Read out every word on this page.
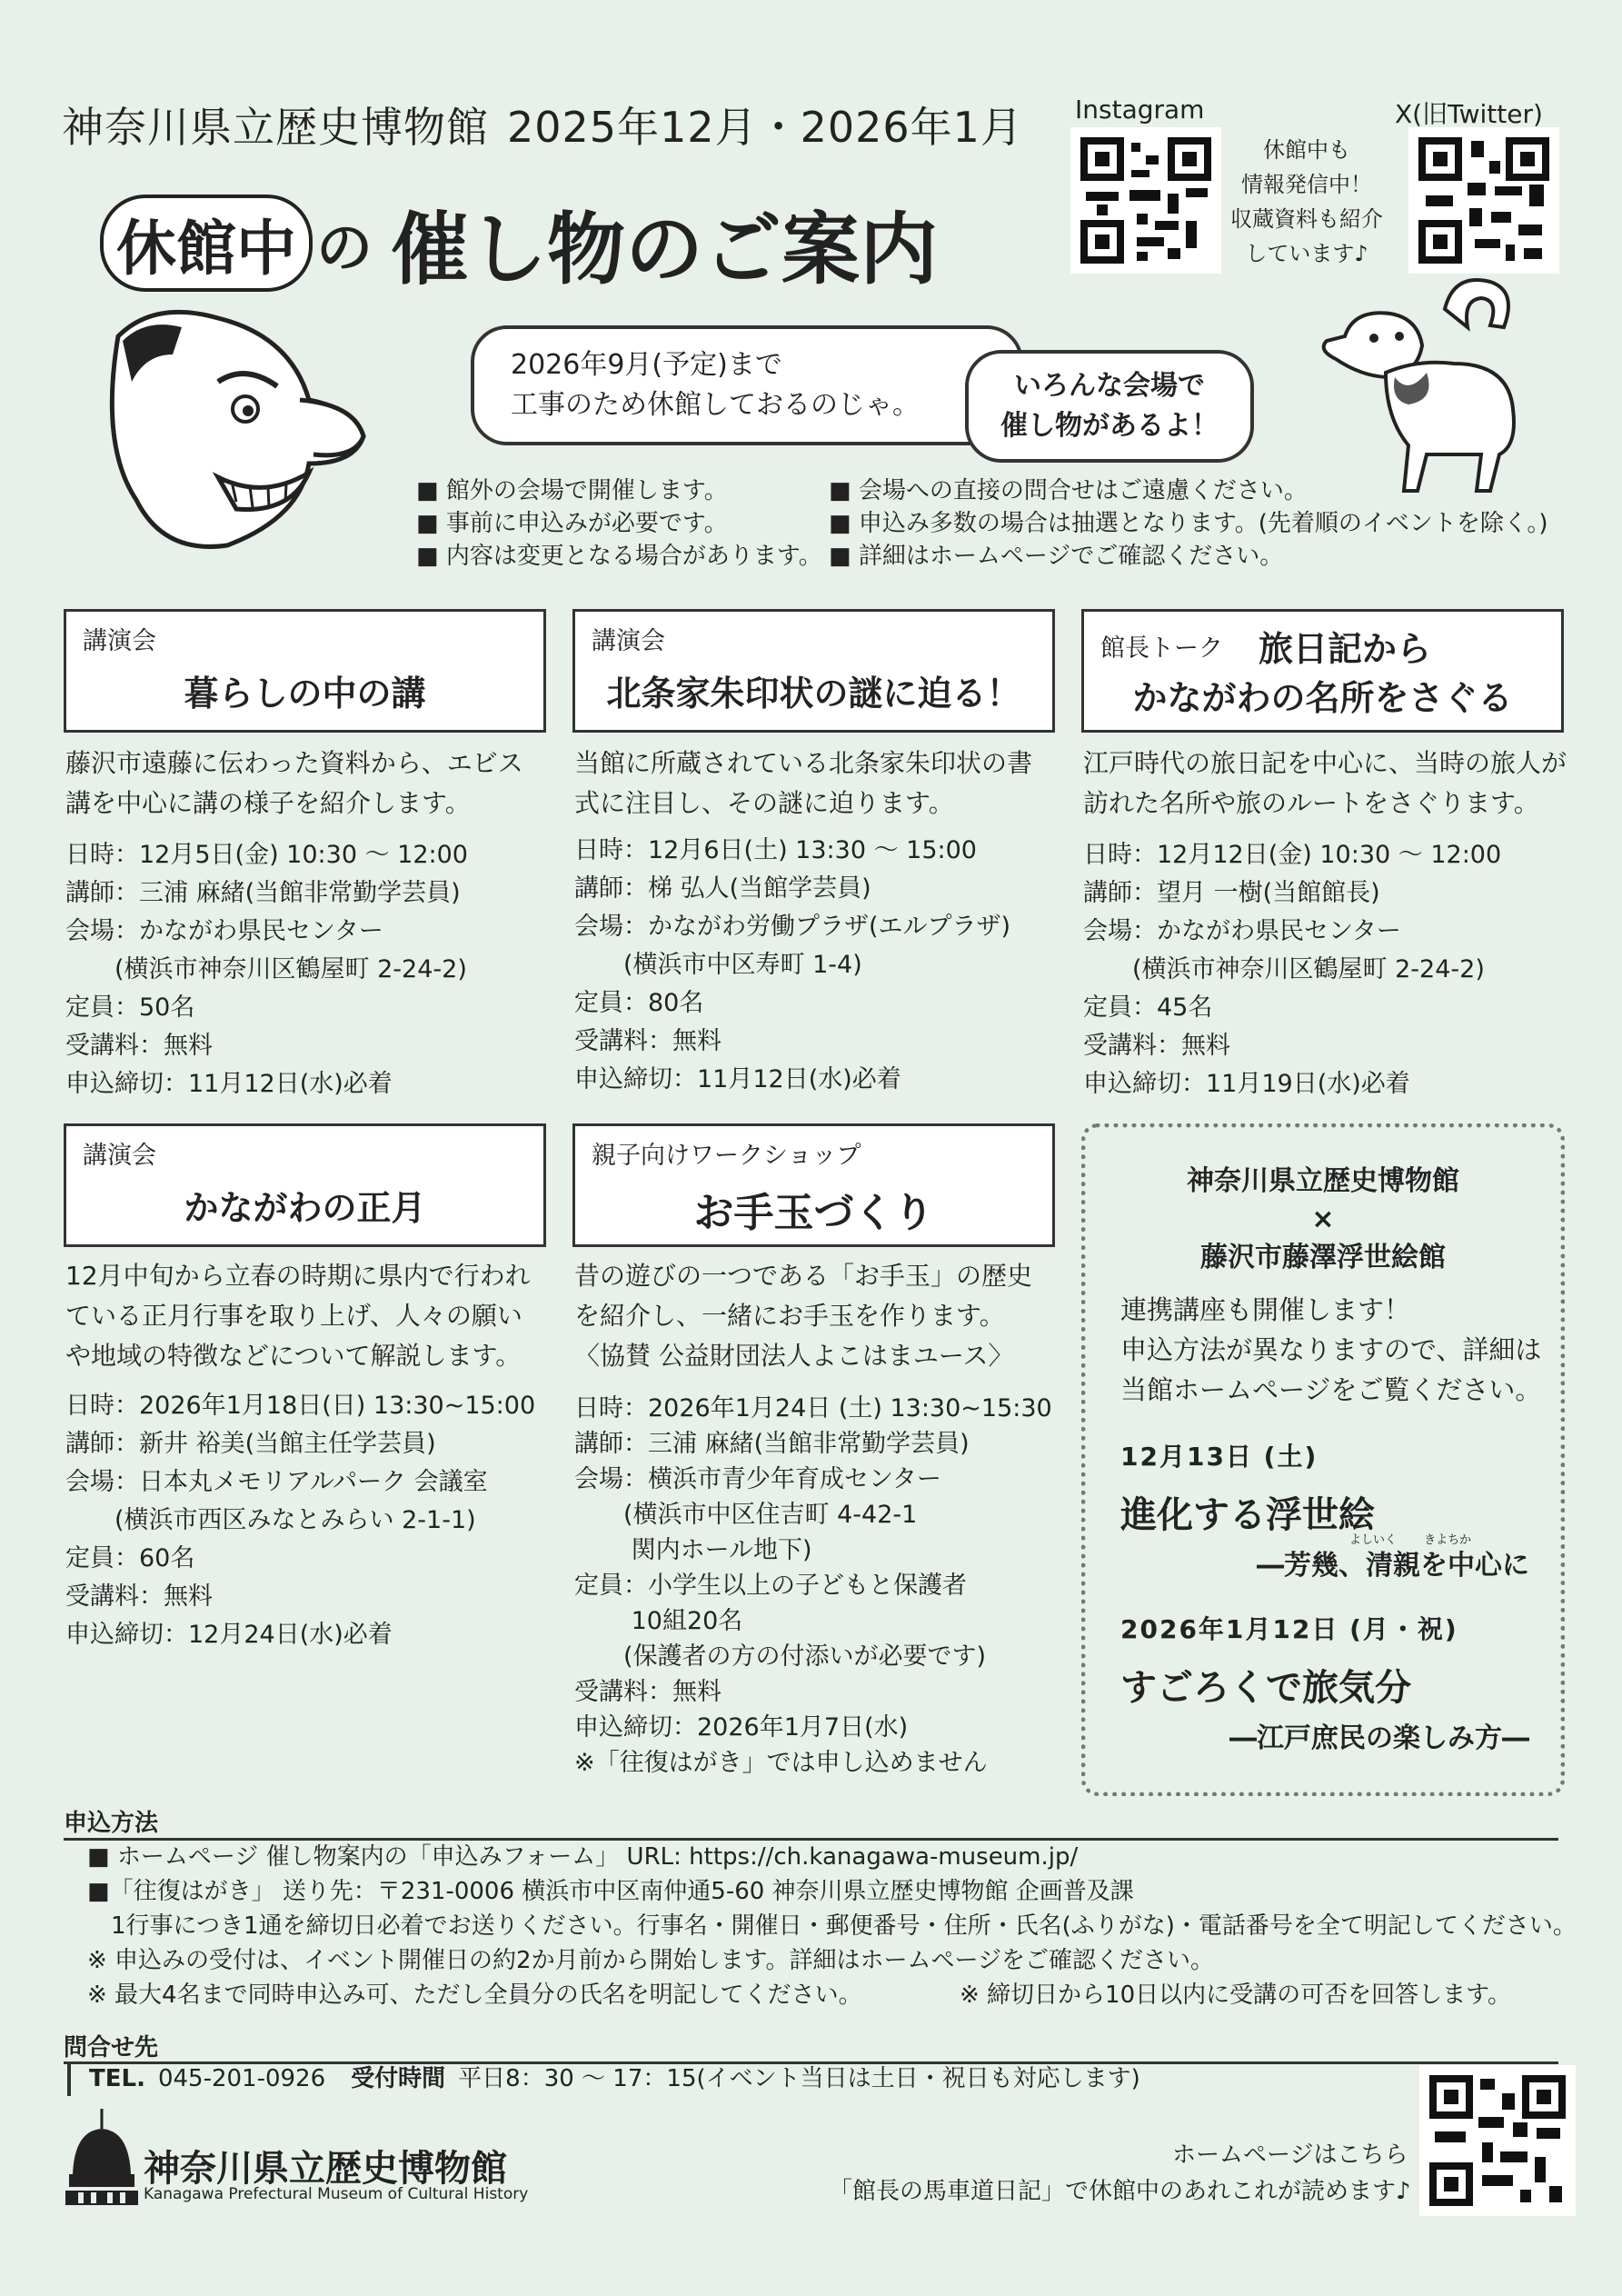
神奈川県立歴史博物館 2025年12月・2026年1月
休館中 の 催し物のご案内
Instagram	X(旧Twitter)
休館中も
情報発信中！
収蔵資料も紹介
しています♪
2026年9月(予定)まで
工事のため休館しておるのじゃ。
いろんな会場で
催し物があるよ！
■ 館外の会場で開催します。
■ 事前に申込みが必要です。
■ 内容は変更となる場合があります。
■ 会場への直接の問合せはご遠慮ください。
■ 申込み多数の場合は抽選となります。(先着順のイベントを除く。)
■ 詳細はホームページでご確認ください。
講演会
暮らしの中の講
藤沢市遠藤に伝わった資料から、エビス
講を中心に講の様子を紹介します。
日時：12月5日(金) 10:30 ～ 12:00
講師：三浦 麻緒(当館非常勤学芸員)
会場：かながわ県民センター
　　(横浜市神奈川区鶴屋町 2-24-2)
定員：50名
受講料：無料
申込締切：11月12日(水)必着
講演会
北条家朱印状の謎に迫る！
当館に所蔵されている北条家朱印状の書
式に注目し、その謎に迫ります。
日時：12月6日(土) 13:30 ～ 15:00
講師：梯 弘人(当館学芸員)
会場：かながわ労働プラザ(エルプラザ)
　　(横浜市中区寿町 1-4)
定員：80名
受講料：無料
申込締切：11月12日(水)必着
館長トーク 旅日記から
かながわの名所をさぐる
江戸時代の旅日記を中心に、当時の旅人が
訪れた名所や旅のルートをさぐります。
日時：12月12日(金) 10:30 ～ 12:00
講師：望月 一樹(当館館長)
会場：かながわ県民センター
　　(横浜市神奈川区鶴屋町 2-24-2)
定員：45名
受講料：無料
申込締切：11月19日(水)必着
講演会
かながわの正月
12月中旬から立春の時期に県内で行われ
ている正月行事を取り上げ、人々の願い
や地域の特徴などについて解説します。
日時：2026年1月18日(日) 13:30~15:00
講師：新井 裕美(当館主任学芸員)
会場：日本丸メモリアルパーク 会議室
　　(横浜市西区みなとみらい 2-1-1)
定員：60名
受講料：無料
申込締切：12月24日(水)必着
親子向けワークショップ
お手玉づくり
昔の遊びの一つである「お手玉」の歴史
を紹介し、一緒にお手玉を作ります。
〈協賛 公益財団法人よこはまユース〉
日時：2026年1月24日 (土) 13:30~15:30
講師：三浦 麻緒(当館非常勤学芸員)
会場：横浜市青少年育成センター
　　(横浜市中区住吉町 4-42-1
　　 関内ホール地下)
定員：小学生以上の子どもと保護者
　　 10組20名
　　(保護者の方の付添いが必要です)
受講料：無料
申込締切：2026年1月7日(水)
※「往復はがき」では申し込めません
神奈川県立歴史博物館
×
藤沢市藤澤浮世絵館
連携講座も開催します！
申込方法が異なりますので、詳細は
当館ホームページをご覧ください。
12月13日 (土)
進化する浮世絵
よしいく　　 きよちか
―芳幾、清親を中心に
2026年1月12日 (月・祝)
すごろくで旅気分
―江戸庶民の楽しみ方―
申込方法
■ ホームページ 催し物案内の「申込みフォーム」 URL: https://ch.kanagawa-museum.jp/
■「往復はがき」 送り先：〒231-0006 横浜市中区南仲通5-60 神奈川県立歴史博物館 企画普及課
　1行事につき1通を締切日必着でお送りください。行事名・開催日・郵便番号・住所・氏名(ふりがな)・電話番号を全て明記してください。
※ 申込みの受付は、イベント開催日の約2か月前から開始します。詳細はホームページをご確認ください。
※ 最大4名まで同時申込み可、ただし全員分の氏名を明記してください。	※ 締切日から10日以内に受講の可否を回答します。
問合せ先
TEL. 045-201-0926 受付時間 平日8：30 ～ 17：15(イベント当日は土日・祝日も対応します)
神奈川県立歴史博物館
Kanagawa Prefectural Museum of Cultural History
ホームページはこちら
「館長の馬車道日記」で休館中のあれこれが読めます♪
